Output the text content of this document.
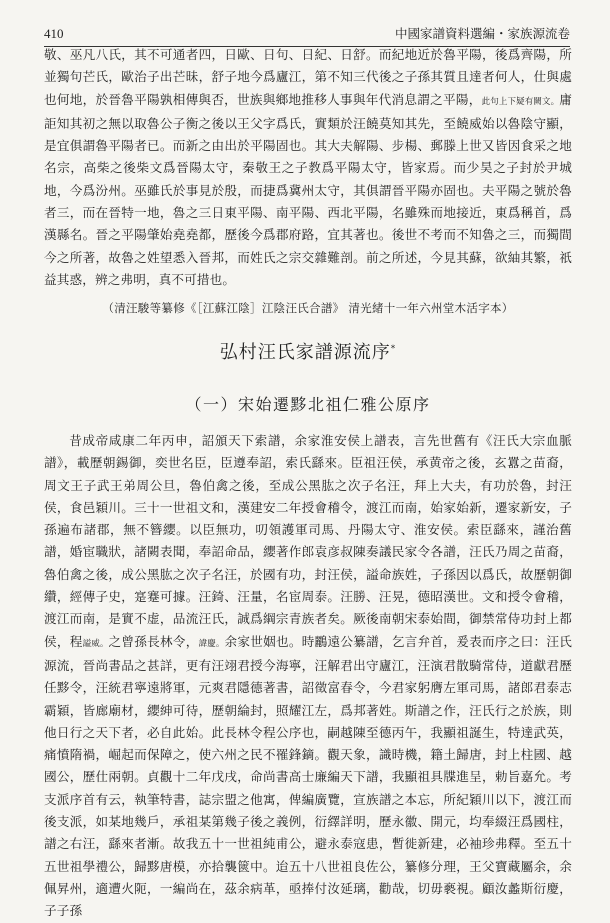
410	中國家譜資料選編・家族源流卷

敬、巫凡八氏，其不可通者四，日歐、日句、日紀、日舒。而紀地近於魯平陽，後爲齊陽，所並獨句芒氏，歐治子出芒昧，舒子地今爲廬江，第不知三代後之子孫其質且達者何人，仕與處也何地，於晉魯平陽孰相傳與否，世族與鄉地推移人事與年代消息謂之平陽，此句上下疑有闕文。庸詎知其初之無以取魯公子衡之後以王父字爲氏，實類於汪饒莫知其先，至饒威始以魯陰守顯，是宜俱謂魯平陽者已。而新之由出於平陽固也。其大夫解陽、步楊、郵滕上世又皆因食采之地名宗，高柴之後柴文爲晉陽太守，秦敬王之子教爲平陽太守，皆家焉。而少昊之子封於尹城地，今爲汾州。巫雖氏於事見於殷，而捷爲冀州太守，其俱謂晉平陽亦固也。夫平陽之號於魯者三，而在晉特一地，魯之三日東平陽、南平陽、西北平陽，名雖殊而地接近，東爲稱首，爲漢縣名。晉之平陽肇始堯堯都，歷後今爲郡府路，宜其著也。後世不考而不知魯之三，而獨間今之所著，故魯之姓望悉入晉邦，而姓氏之宗交雜難剖。前之所述，今見其蘇，欲紬其繁，祇益其惑，辨之弗明，真不可措也。

（清汪駿等纂修《［江蘇江陰］江陰汪氏合譜》 清光緒十一年六州堂木活字本）
弘村汪氏家譜源流序*
（一）宋始遷黟北祖仁雅公原序

昔成帝咸康二年丙申，詔頒天下索譜，余家淮安侯上譜表，言先世舊有《汪氏大宗血脈譜》，載歷朝錫御，奕世名臣，臣遵奉詔，索氏繇來。臣祖汪侯，承黄帝之後，玄囂之苗裔，周文王子武王弟周公旦，魯伯禽之後，至成公黑肱之次子名汪，拜上大夫，有功於魯，封汪侯，食邑穎川。三十一世祖文和，漢建安二年授會稽令，渡江而南，始家始新，遷家新安，子孫遍布諸郡，無不簪纓。以臣無功，叨領護軍司馬、丹陽太守、淮安侯。索臣繇來，謹治舊譜，婚宦職狀，諸闕表聞，奉詔命品，纓著作郎袁彦叔陳奏議民家令各譜，汪氏乃周之苗裔，魯伯禽之後，成公黑肱之次子名汪，於國有功，封汪侯，謚命族姓，子孫因以爲氏，故歷朝御纘，經傳子史，寔蹇可據。汪錡、汪量，名宦周泰。汪勝、汪晃，德昭漢世。文和授令會稽，渡江而南，是實不虚，品流汪氏，誠爲綱宗青族者矣。厥後南朝宋泰始間，御禁常侍功封上都侯，程謚威。之曾孫長林令，諱慶。余家世姻也。時鸝遠公纂譜，乞言弁首，爰表而序之曰：汪氏源流，晉尚書品之甚詳，更有汪翊君授今海寧，汪解君出守廬江，汪演君散騎常侍，道獻君歷任黟令，汪統君寧遠將軍，元爽君隱德著書，詔徵富春令，今君家躬膺左軍司馬，諸郎君泰志霸穎，皆廊廟材，纓紳可待，歷朝綸封，照耀江左，爲邦著姓。斯譜之作，汪氏行之於族，則他日行之天下者，必自此始。此長林令程公序也，嗣越陳至德丙午，我顯祖誕生，特達武英，痛憤隋禍，崛起而保障之，使六州之民不罹鋒鏑。觀天象，識時機，籍土歸唐，封上柱國、越國公，歷仕兩朝。貞觀十二年戊戌，命尚書高士廉編天下譜，我顯祖具牒進呈，勅旨嘉允。考支派序首有云，執筆特書，誌宗盟之他寓，俾編廣覽，宣族譜之本忘，所紀穎川以下，渡江而後支派，如某地幾戶，承祖某第幾子後之義例，衍繹詳明，歷永徽、開元，均奉綴汪爲國柱，譜之右汪，繇來者漸。故我五十一世祖純甫公，避永泰寇患，暫徙新建，必袖珍弗釋。至五十五世祖學禮公，歸黟唐模，亦拾襲篋中。迨五十八世祖良佐公，纂修分理，王父寶藏屬余，余佩昇州，適遭火阨，一編尚在，茲余病革，亟捧付汝延璃，勸哉，切毋褻視。顧汝蠡斯衍慶，子子孫
